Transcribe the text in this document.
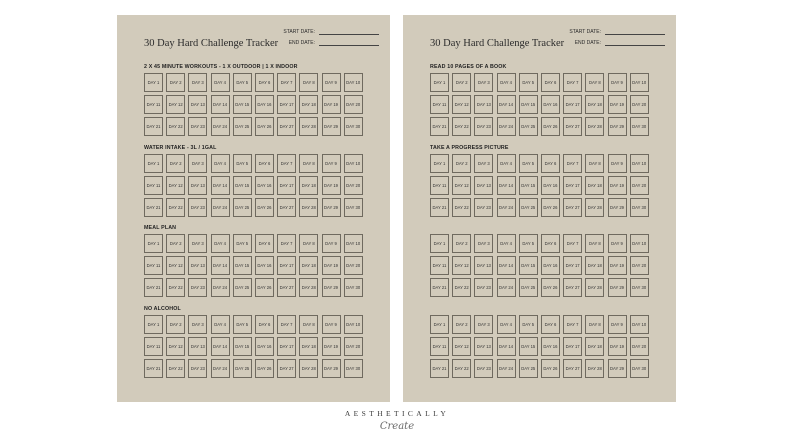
30 Day Hard Challenge Tracker
START DATE:
END DATE:
2 X 45 MINUTE WORKOUTS - 1 X OUTDOOR | 1 X INDOOR
DAY 1	DAY 2	DAY 3	DAY 4	DAY 5	DAY 6	DAY 7	DAY 8	DAY 9	DAY 10
DAY 11	DAY 12	DAY 13	DAY 14	DAY 15	DAY 16	DAY 17	DAY 18	DAY 19	DAY 20
DAY 21	DAY 22	DAY 23	DAY 24	DAY 25	DAY 26	DAY 27	DAY 28	DAY 29	DAY 30
WATER INTAKE - 3L / 1GAL
DAY 1	DAY 2	DAY 3	DAY 4	DAY 5	DAY 6	DAY 7	DAY 8	DAY 9	DAY 10
DAY 11	DAY 12	DAY 13	DAY 14	DAY 15	DAY 16	DAY 17	DAY 18	DAY 19	DAY 20
DAY 21	DAY 22	DAY 23	DAY 24	DAY 25	DAY 26	DAY 27	DAY 28	DAY 29	DAY 30
MEAL PLAN
DAY 1	DAY 2	DAY 3	DAY 4	DAY 5	DAY 6	DAY 7	DAY 8	DAY 9	DAY 10
DAY 11	DAY 12	DAY 13	DAY 14	DAY 15	DAY 16	DAY 17	DAY 18	DAY 19	DAY 20
DAY 21	DAY 22	DAY 23	DAY 24	DAY 25	DAY 26	DAY 27	DAY 28	DAY 29	DAY 30
NO ALCOHOL
DAY 1	DAY 2	DAY 3	DAY 4	DAY 5	DAY 6	DAY 7	DAY 8	DAY 9	DAY 10
DAY 11	DAY 12	DAY 13	DAY 14	DAY 15	DAY 16	DAY 17	DAY 18	DAY 19	DAY 20
DAY 21	DAY 22	DAY 23	DAY 24	DAY 25	DAY 26	DAY 27	DAY 28	DAY 29	DAY 30
30 Day Hard Challenge Tracker
START DATE:
END DATE:
READ 10 PAGES OF A BOOK
DAY 1	DAY 2	DAY 3	DAY 4	DAY 5	DAY 6	DAY 7	DAY 8	DAY 9	DAY 10
DAY 11	DAY 12	DAY 13	DAY 14	DAY 15	DAY 16	DAY 17	DAY 18	DAY 19	DAY 20
DAY 21	DAY 22	DAY 23	DAY 24	DAY 25	DAY 26	DAY 27	DAY 28	DAY 29	DAY 30
TAKE A PROGRESS PICTURE
DAY 1	DAY 2	DAY 3	DAY 4	DAY 5	DAY 6	DAY 7	DAY 8	DAY 9	DAY 10
DAY 11	DAY 12	DAY 13	DAY 14	DAY 15	DAY 16	DAY 17	DAY 18	DAY 19	DAY 20
DAY 21	DAY 22	DAY 23	DAY 24	DAY 25	DAY 26	DAY 27	DAY 28	DAY 29	DAY 30
DAY 1	DAY 2	DAY 3	DAY 4	DAY 5	DAY 6	DAY 7	DAY 8	DAY 9	DAY 10
DAY 11	DAY 12	DAY 13	DAY 14	DAY 15	DAY 16	DAY 17	DAY 18	DAY 19	DAY 20
DAY 21	DAY 22	DAY 23	DAY 24	DAY 25	DAY 26	DAY 27	DAY 28	DAY 29	DAY 30
DAY 1	DAY 2	DAY 3	DAY 4	DAY 5	DAY 6	DAY 7	DAY 8	DAY 9	DAY 10
DAY 11	DAY 12	DAY 13	DAY 14	DAY 15	DAY 16	DAY 17	DAY 18	DAY 19	DAY 20
DAY 21	DAY 22	DAY 23	DAY 24	DAY 25	DAY 26	DAY 27	DAY 28	DAY 29	DAY 30
AESTHETICALLY
Create
